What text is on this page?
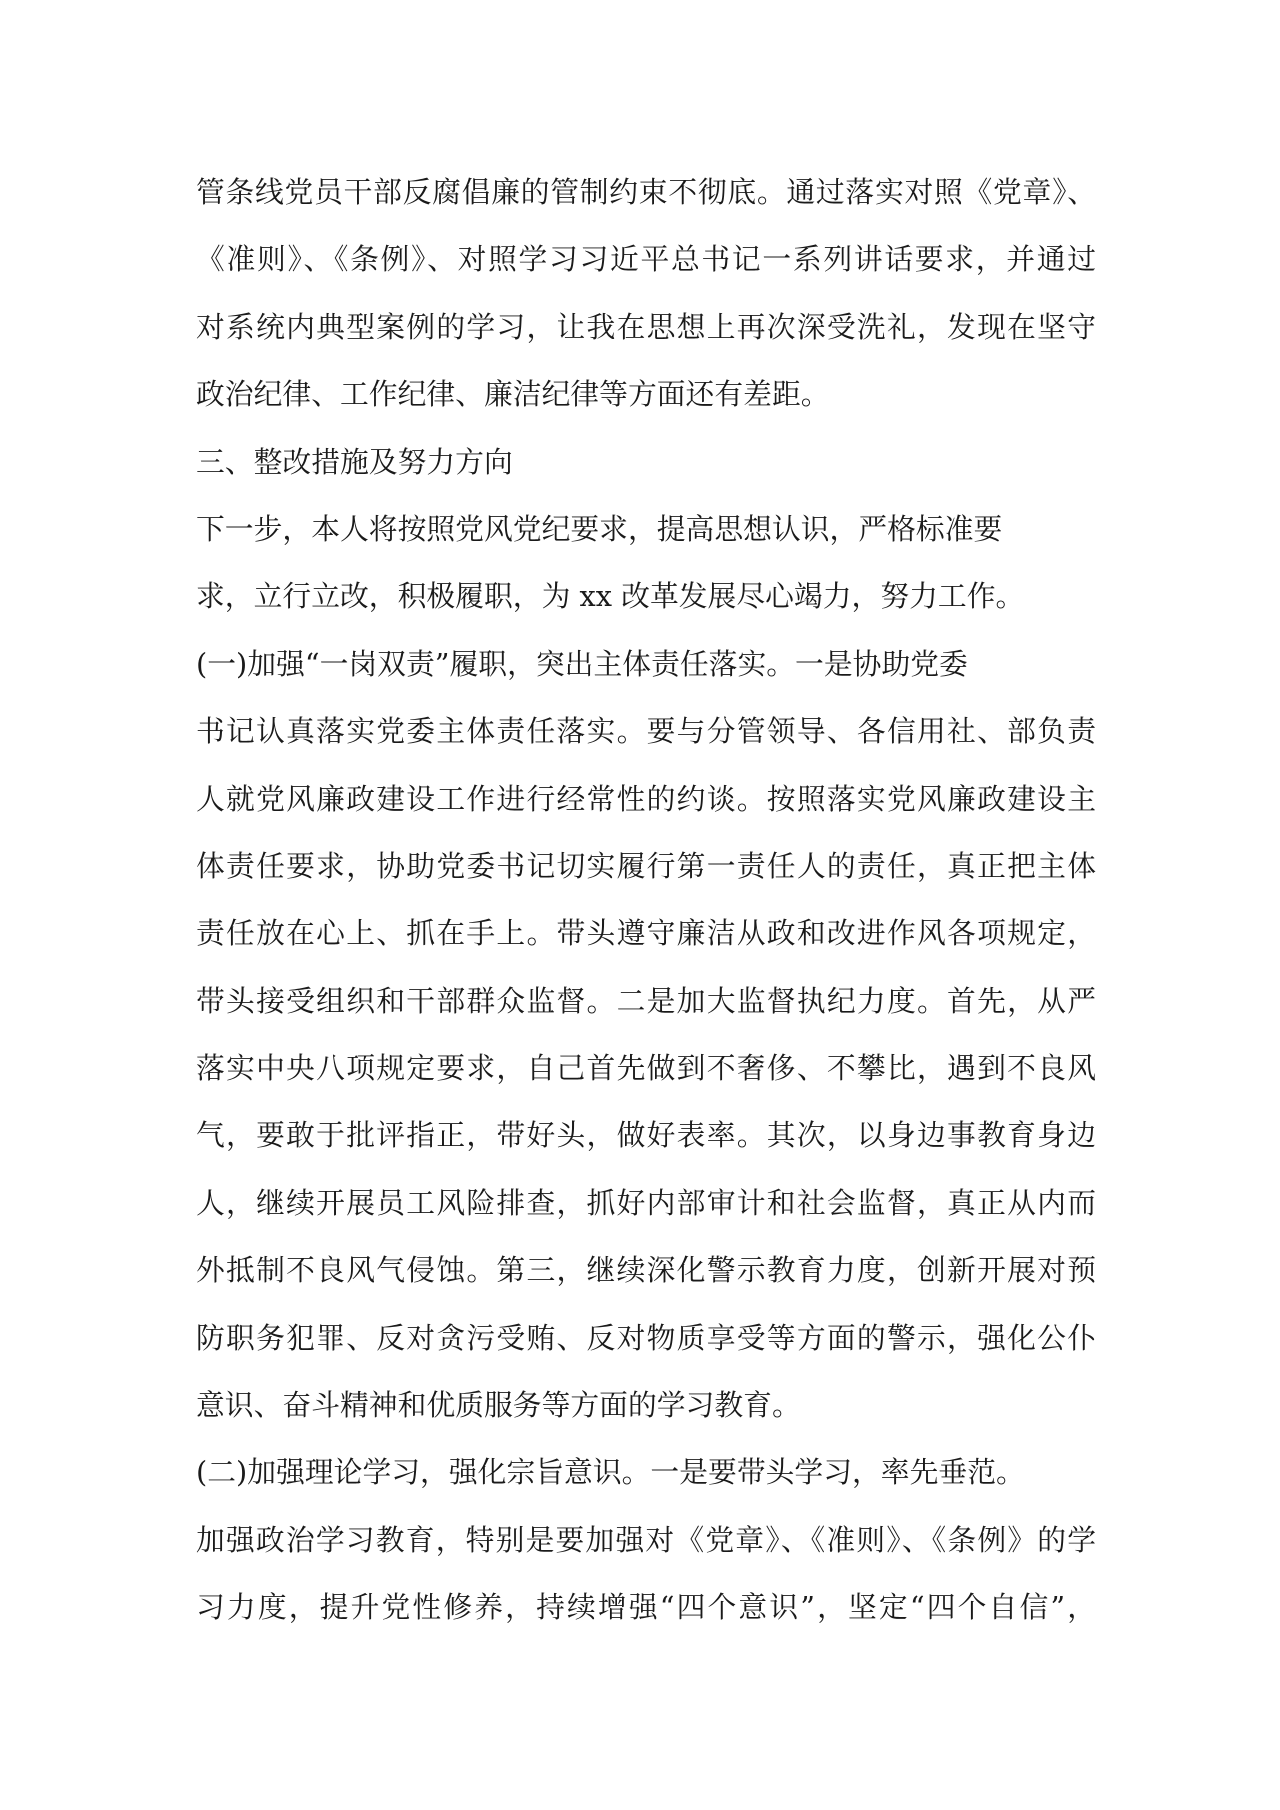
管条线党员干部反腐倡廉的管制约束不彻底。通过落实对照《党章》、
《准则》、《条例》、对照学习习近平总书记一系列讲话要求，并通过
对系统内典型案例的学习，让我在思想上再次深受洗礼，发现在坚守
政治纪律、工作纪律、廉洁纪律等方面还有差距。
三、整改措施及努力方向
下一步，本人将按照党风党纪要求，提高思想认识，严格标准要
求，立行立改，积极履职，为 xx 改革发展尽心竭力，努力工作。
(一)加强“一岗双责”履职，突出主体责任落实。一是协助党委
书记认真落实党委主体责任落实。要与分管领导、各信用社、部负责
人就党风廉政建设工作进行经常性的约谈。按照落实党风廉政建设主
体责任要求，协助党委书记切实履行第一责任人的责任，真正把主体
责任放在心上、抓在手上。带头遵守廉洁从政和改进作风各项规定，
带头接受组织和干部群众监督。二是加大监督执纪力度。首先，从严
落实中央八项规定要求，自己首先做到不奢侈、不攀比，遇到不良风
气，要敢于批评指正，带好头，做好表率。其次，以身边事教育身边
人，继续开展员工风险排查，抓好内部审计和社会监督，真正从内而
外抵制不良风气侵蚀。第三，继续深化警示教育力度，创新开展对预
防职务犯罪、反对贪污受贿、反对物质享受等方面的警示，强化公仆
意识、奋斗精神和优质服务等方面的学习教育。
(二)加强理论学习，强化宗旨意识。一是要带头学习，率先垂范。
加强政治学习教育，特别是要加强对《党章》、《准则》、《条例》的学
习力度，提升党性修养，持续增强“四个意识”，坚定“四个自信”，
